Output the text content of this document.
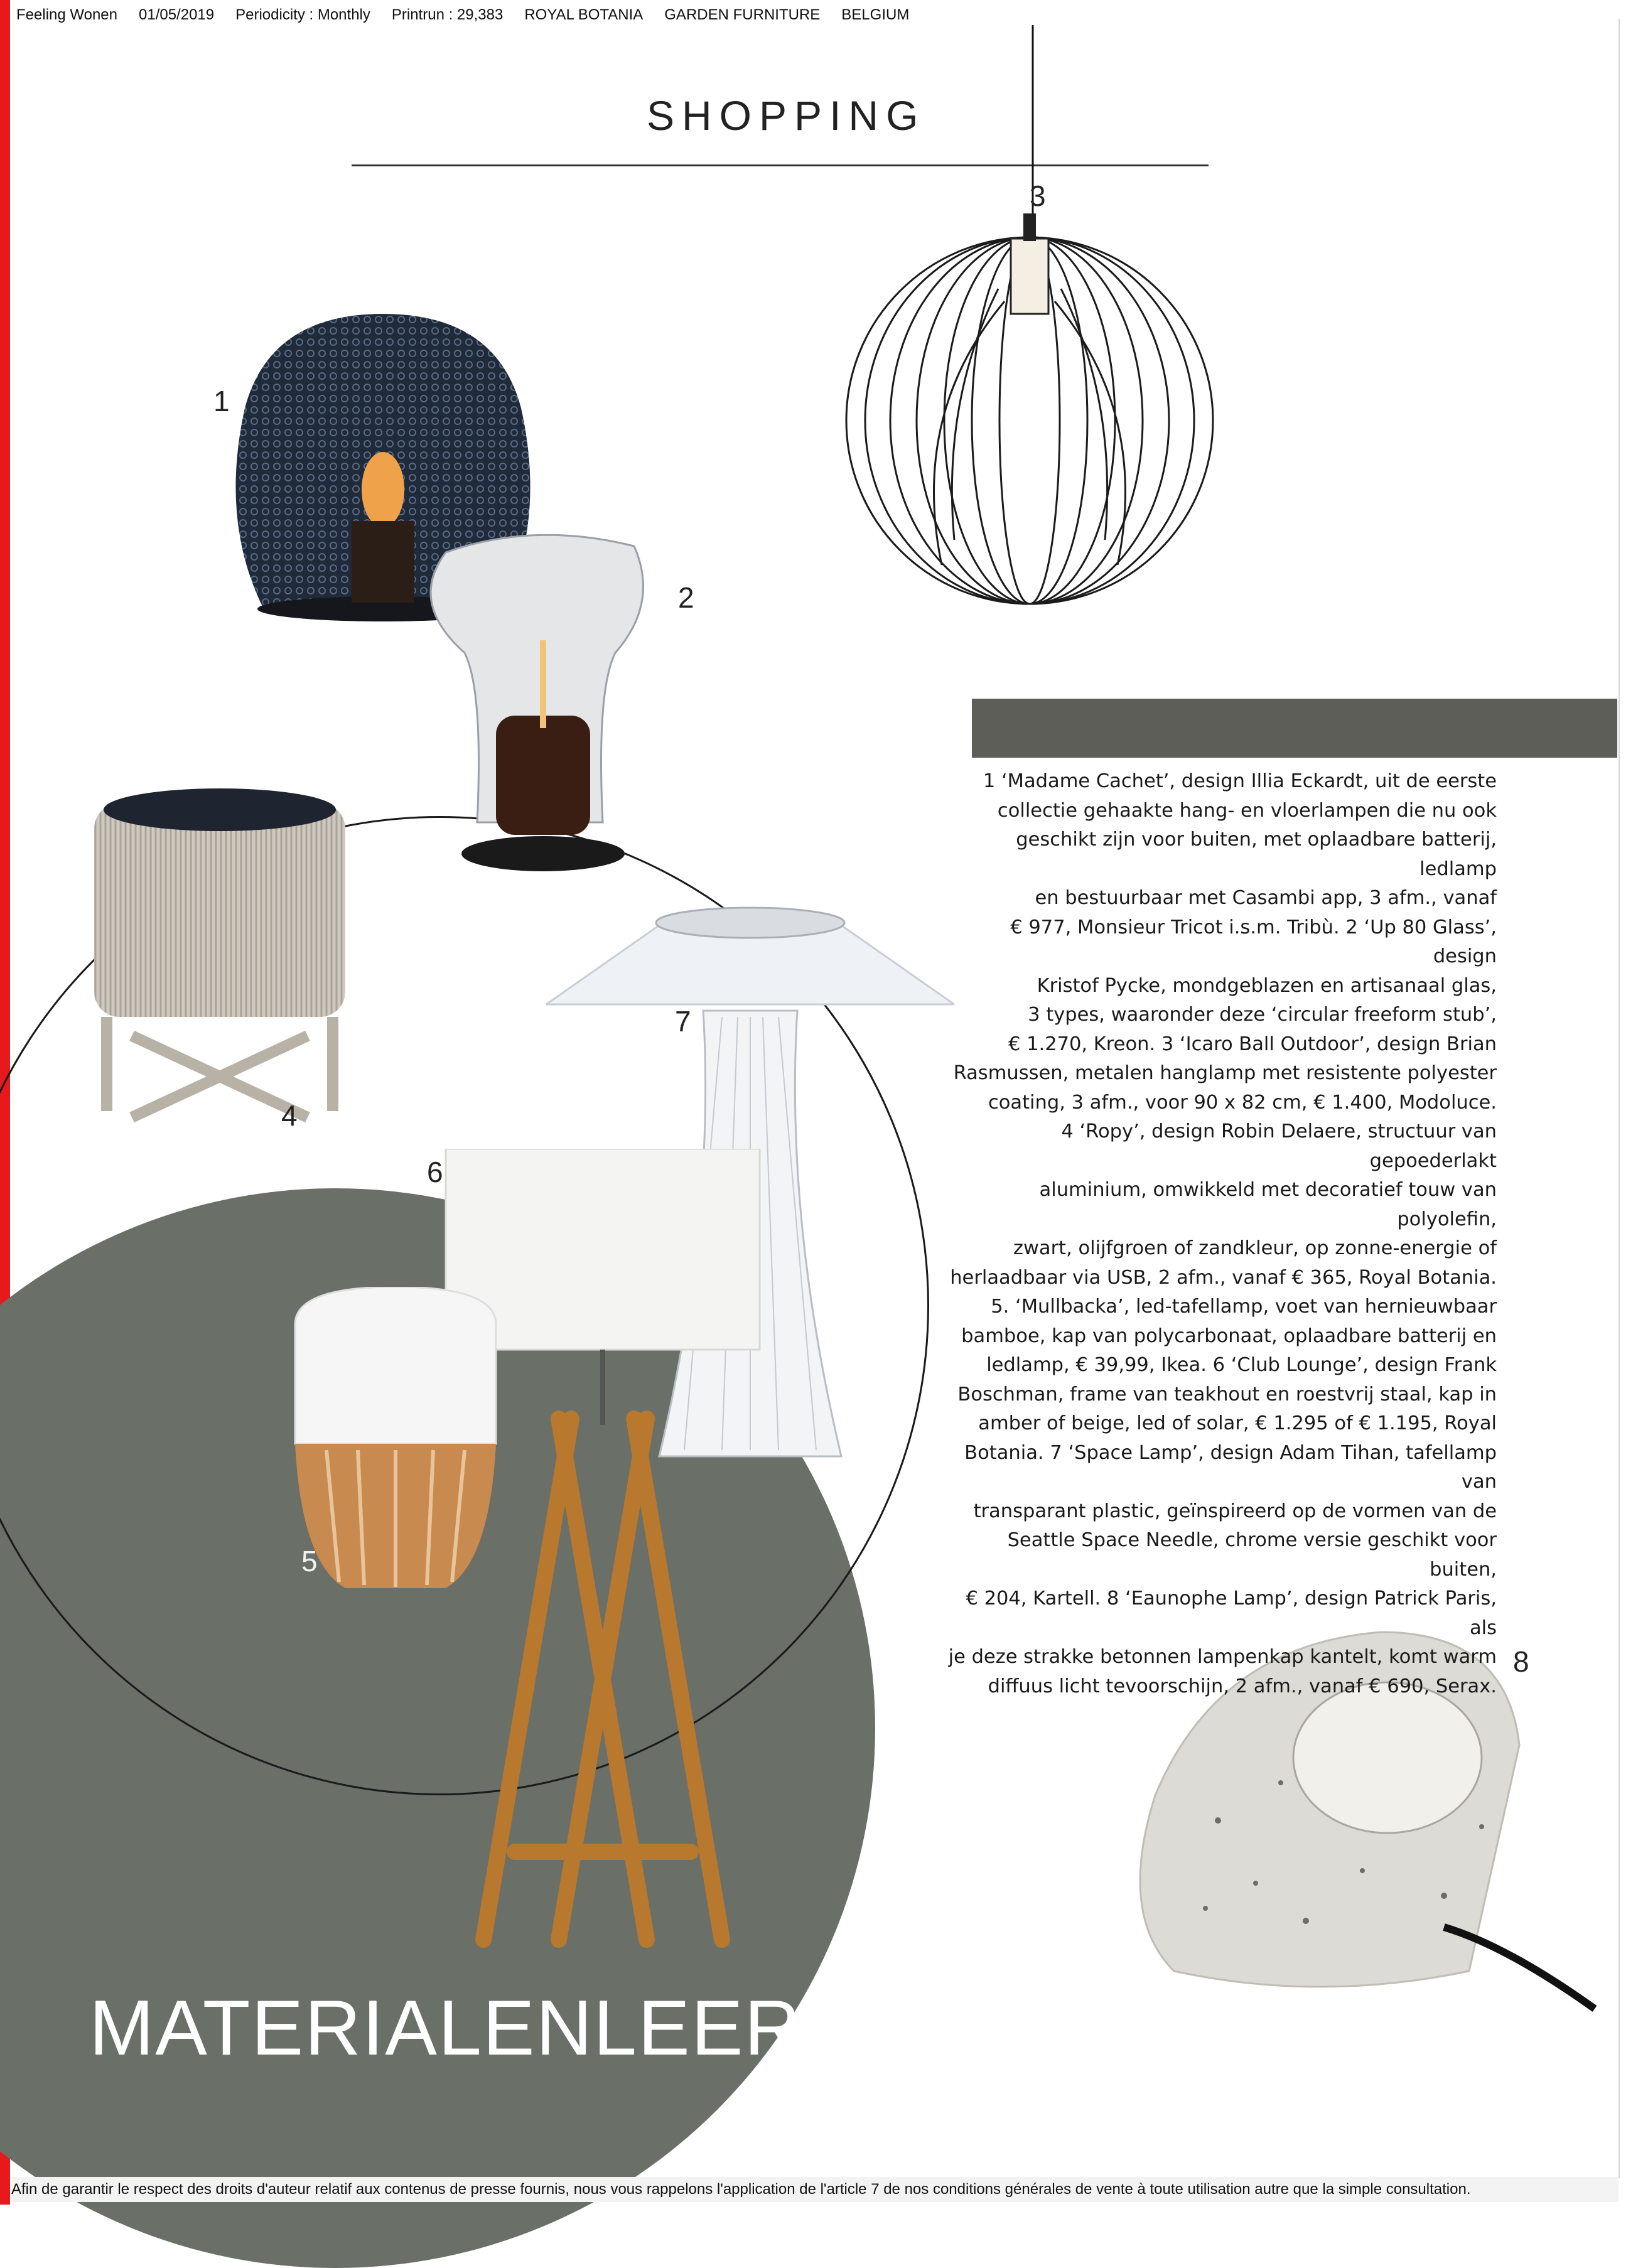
Feeling Wonen 01/05/2019 Periodicity : Monthly Printrun : 29,383 ROYAL BOTANIA GARDEN FURNITURE BELGIUM
SHOPPING
1
2
3
4
5
6
7
8
1 ‘Madame Cachet’, design Illia Eckardt, uit de eerste
collectie gehaakte hang- en vloerlampen die nu ook
geschikt zijn voor buiten, met oplaadbare batterij, ledlamp
en bestuurbaar met Casambi app, 3 afm., vanaf
€ 977, Monsieur Tricot i.s.m. Tribù. 2 ‘Up 80 Glass’, design
Kristof Pycke, mondgeblazen en artisanaal glas,
3 types, waaronder deze ‘circular freeform stub’,
€ 1.270, Kreon. 3 ‘Icaro Ball Outdoor’, design Brian
Rasmussen, metalen hanglamp met resistente polyester
coating, 3 afm., voor 90 x 82 cm, € 1.400, Modoluce.
4 ‘Ropy’, design Robin Delaere, structuur van gepoederlakt
aluminium, omwikkeld met decoratief touw van polyolefin,
zwart, olijfgroen of zandkleur, op zonne-energie of
herlaadbaar via USB, 2 afm., vanaf € 365, Royal Botania.
5. ‘Mullbacka’, led-tafellamp, voet van hernieuwbaar
bamboe, kap van polycarbonaat, oplaadbare batterij en
ledlamp, € 39,99, Ikea. 6 ‘Club Lounge’, design Frank
Boschman, frame van teakhout en roestvrij staal, kap in
amber of beige, led of solar, € 1.295 of € 1.195, Royal
Botania. 7 ‘Space Lamp’, design Adam Tihan, tafellamp van
transparant plastic, geïnspireerd op de vormen van de
Seattle Space Needle, chrome versie geschikt voor buiten,
€ 204, Kartell. 8 ‘Eaunophe Lamp’, design Patrick Paris, als
je deze strakke betonnen lampenkap kantelt, komt warm
diffuus licht tevoorschijn, 2 afm., vanaf € 690, Serax.
MATERIALENLEER
Afin de garantir le respect des droits d'auteur relatif aux contenus de presse fournis, nous vous rappelons l'application de l'article 7 de nos conditions générales de vente à toute utilisation autre que la simple consultation.
